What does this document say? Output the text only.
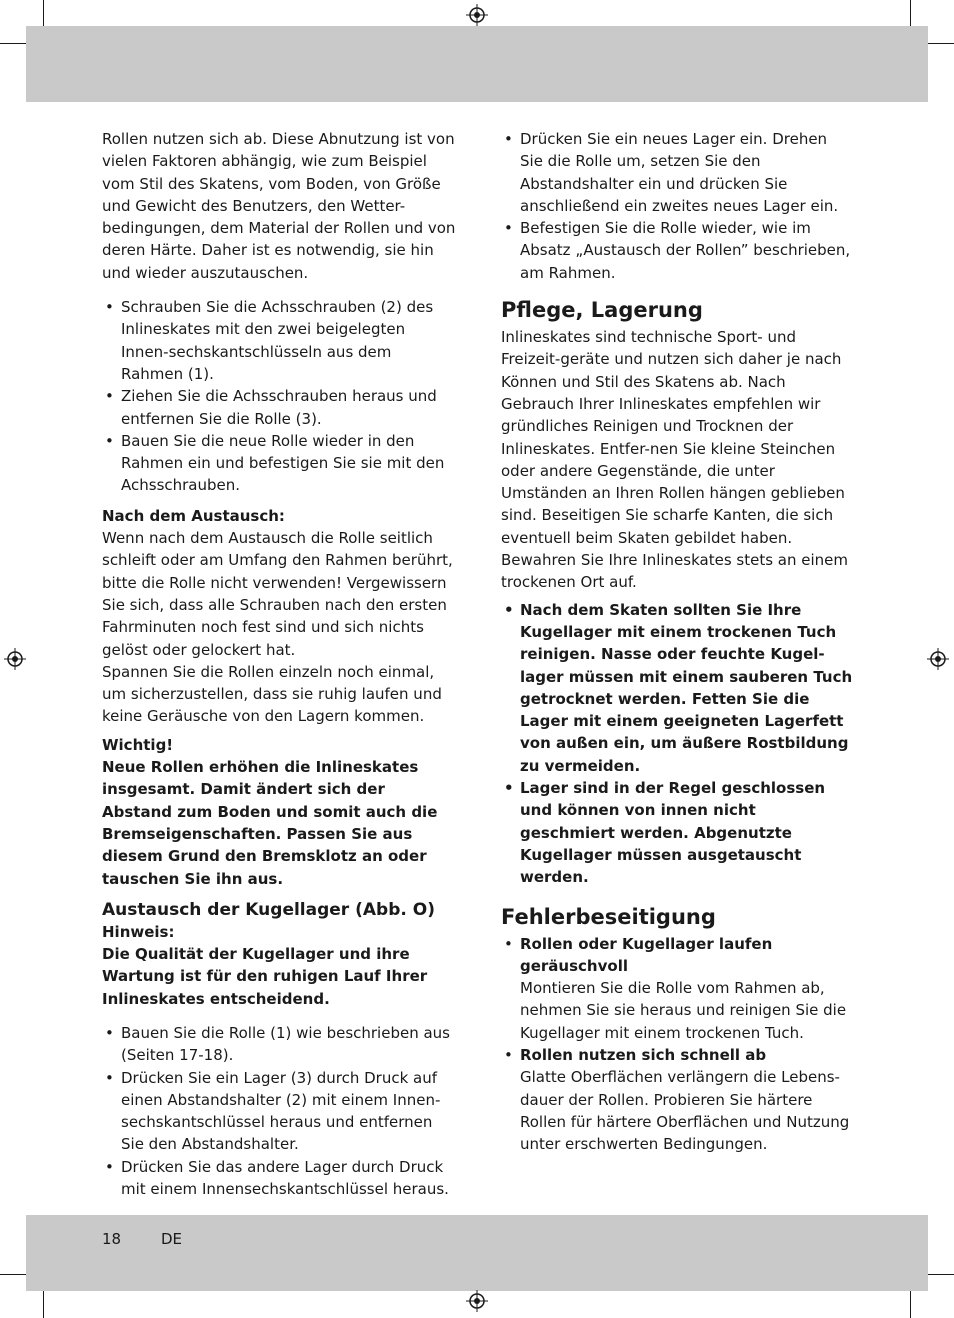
Rollen nutzen sich ab. Diese Abnutzung ist von vielen Faktoren abhängig, wie zum Beispiel vom Stil des Skatens, vom Boden, von Größe und Gewicht des Benutzers, den Wetter-bedingungen, dem Material der Rollen und von deren Härte. Daher ist es notwendig, sie hin und wieder auszutauschen.

• Schrauben Sie die Achsschrauben (2) des Inlineskates mit den zwei beigelegten Innen-sechskantschlüsseln aus dem Rahmen (1).
• Ziehen Sie die Achsschrauben heraus und entfernen Sie die Rolle (3).
• Bauen Sie die neue Rolle wieder in den Rahmen ein und befestigen Sie sie mit den Achsschrauben.

Nach dem Austausch:

Wenn nach dem Austausch die Rolle seitlich schleift oder am Umfang den Rahmen berührt, bitte die Rolle nicht verwenden! Vergewissern Sie sich, dass alle Schrauben nach den ersten Fahrminuten noch fest sind und sich nichts gelöst oder gelockert hat.

Spannen Sie die Rollen einzeln noch einmal, um sicherzustellen, dass sie ruhig laufen und keine Geräusche von den Lagern kommen.

Wichtig!

Neue Rollen erhöhen die Inlineskates insgesamt. Damit ändert sich der Abstand zum Boden und somit auch die Bremseigenschaften. Passen Sie aus diesem Grund den Bremsklotz an oder tauschen Sie ihn aus.

Austausch der Kugellager (Abb. O)

Hinweis:

Die Qualität der Kugellager und ihre Wartung ist für den ruhigen Lauf Ihrer Inlineskates entscheidend.

• Bauen Sie die Rolle (1) wie beschrieben aus (Seiten 17-18).
• Drücken Sie ein Lager (3) durch Druck auf einen Abstandshalter (2) mit einem Innen-sechskantschlüssel heraus und entfernen Sie den Abstandshalter.
• Drücken Sie das andere Lager durch Druck mit einem Innensechskantschlüssel heraus.
• Drücken Sie ein neues Lager ein. Drehen Sie die Rolle um, setzen Sie den Abstandshalter ein und drücken Sie anschließend ein zweites neues Lager ein.
• Befestigen Sie die Rolle wieder, wie im Absatz „Austausch der Rollen” beschrieben, am Rahmen.
Pflege, Lagerung

Inlineskates sind technische Sport- und Freizeit-geräte und nutzen sich daher je nach Können und Stil des Skatens ab. Nach Gebrauch Ihrer Inlineskates empfehlen wir gründliches Reinigen und Trocknen der Inlineskates. Entfer-nen Sie kleine Steinchen oder andere Gegenstände, die unter Umständen an Ihren Rollen hängen geblieben sind. Beseitigen Sie scharfe Kanten, die sich eventuell beim Skaten gebildet haben. Bewahren Sie Ihre Inlineskates stets an einem trockenen Ort auf.

• Nach dem Skaten sollten Sie Ihre Kugellager mit einem trockenen Tuch reinigen. Nasse oder feuchte Kugel-lager müssen mit einem sauberen Tuch getrocknet werden. Fetten Sie die Lager mit einem geeigneten Lagerfett von außen ein, um äußere Rostbildung zu vermeiden.
• Lager sind in der Regel geschlossen und können von innen nicht geschmiert werden. Abgenutzte Kugellager müssen ausgetauscht werden.
Fehlerbeseitigung
• Rollen oder Kugellager laufen geräuschvoll
Montieren Sie die Rolle vom Rahmen ab, nehmen Sie sie heraus und reinigen Sie die Kugellager mit einem trockenen Tuch.
• Rollen nutzen sich schnell ab
Glatte Oberflächen verlängern die Lebens-dauer der Rollen. Probieren Sie härtere Rollen für härtere Oberflächen und Nutzung unter erschwerten Bedingungen.
18	DE
